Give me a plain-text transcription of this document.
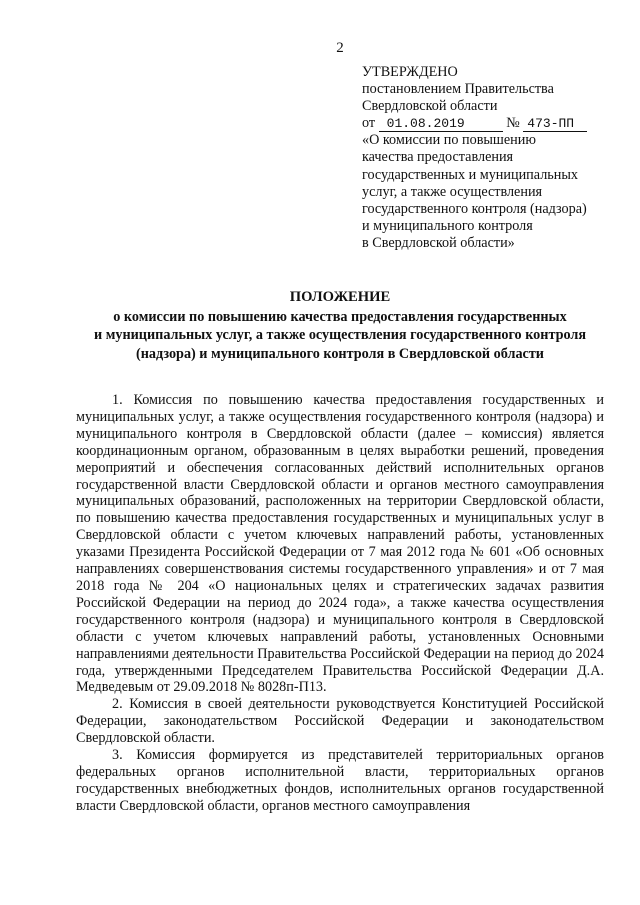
2
УТВЕРЖДЕНО
постановлением Правительства
Свердловской области
от 01.08.2019	№ 473-ПП
«О комиссии по повышению
качества предоставления
государственных и муниципальных
услуг, а также осуществления
государственного контроля (надзора)
и муниципального контроля
в Свердловской области»
ПОЛОЖЕНИЕ
о комиссии по повышению качества предоставления государственных
и муниципальных услуг, а также осуществления государственного контроля
(надзора) и муниципального контроля в Свердловской области

1. Комиссия по повышению качества предоставления государственных и муниципальных услуг, а также осуществления государственного контроля (надзора) и муниципального контроля в Свердловской области (далее – комиссия) является координационным органом, образованным в целях выработки решений, проведения мероприятий и обеспечения согласованных действий исполнительных органов государственной власти Свердловской области и органов местного самоуправления муниципальных образований, расположенных на территории Свердловской области, по повышению качества предоставления государственных и муниципальных услуг в Свердловской области с учетом ключевых направлений работы, установленных указами Президента Российской Федерации от 7 мая 2012 года № 601 «Об основных направлениях совершенствования системы государственного управления» и от 7 мая 2018 года № 204 «О национальных целях и стратегических задачах развития Российской Федерации на период до 2024 года», а также качества осуществления государственного контроля (надзора) и муниципального контроля в Свердловской области с учетом ключевых направлений работы, установленных Основными направлениями деятельности Правительства Российской Федерации на период до 2024 года, утвержденными Председателем Правительства Российской Федерации Д.А. Медведевым от 29.09.2018 № 8028п-П13.

2. Комиссия в своей деятельности руководствуется Конституцией Российской Федерации, законодательством Российской Федерации и законодательством Свердловской области.

3. Комиссия формируется из представителей территориальных органов федеральных органов исполнительной власти, территориальных органов государственных внебюджетных фондов, исполнительных органов государственной власти Свердловской области, органов местного самоуправления
